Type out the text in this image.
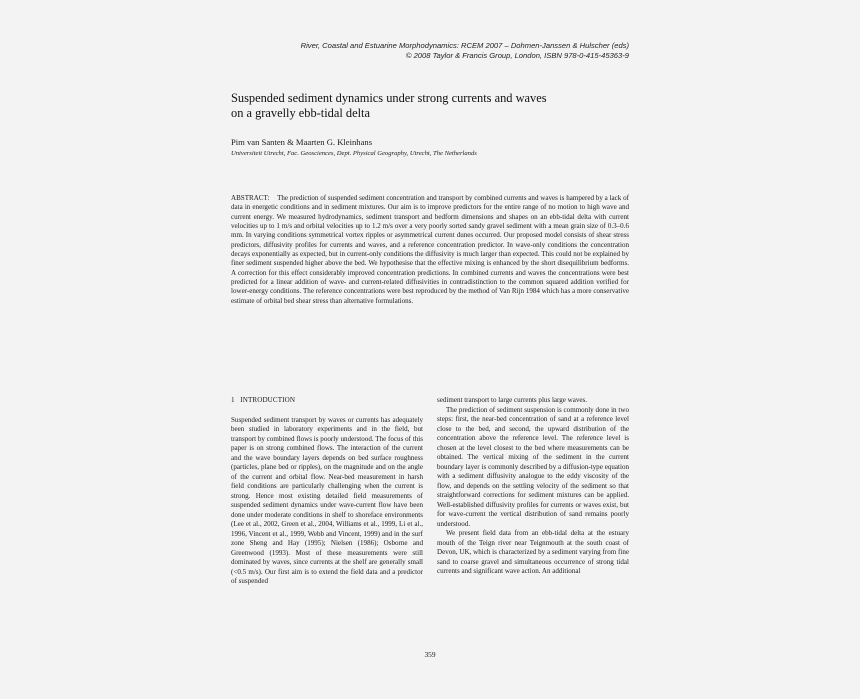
River, Coastal and Estuarine Morphodynamics: RCEM 2007 – Dohmen-Janssen & Hulscher (eds)
© 2008 Taylor & Francis Group, London, ISBN 978-0-415-45363-9
Suspended sediment dynamics under strong currents and waves
on a gravelly ebb-tidal delta
Pim van Santen & Maarten G. Kleinhans
Universiteit Utrecht, Fac. Geosciences, Dept. Physical Geography, Utrecht, The Netherlands

ABSTRACT: The prediction of suspended sediment concentration and transport by combined currents and waves is hampered by a lack of data in energetic conditions and in sediment mixtures. Our aim is to improve predictors for the entire range of no motion to high wave and current energy. We measured hydrodynamics, sediment transport and bedform dimensions and shapes on an ebb-tidal delta with current velocities up to 1 m/s and orbital velocities up to 1.2 m/s over a very poorly sorted sandy gravel sediment with a mean grain size of 0.3–0.6 mm. In varying conditions symmetrical vortex ripples or asymmetrical current dunes occurred. Our proposed model consists of shear stress predictors, diffusivity profiles for currents and waves, and a reference concentration predictor. In wave-only conditions the concentration decays exponentially as expected, but in current-only conditions the diffusivity is much larger than expected. This could not be explained by finer sediment suspended higher above the bed. We hypothesise that the effective mixing is enhanced by the short disequilibrium bedforms. A correction for this effect considerably improved concentration predictions. In combined currents and waves the concentrations were best predicted for a linear addition of wave- and current-related diffusivities in contradistinction to the common squared addition verified for lower-energy conditions. The reference concentrations were best reproduced by the method of Van Rijn 1984 which has a more conservative estimate of orbital bed shear stress than alternative formulations.

1 INTRODUCTION

Suspended sediment transport by waves or currents has adequately been studied in laboratory experiments and in the field, but transport by combined flows is poorly understood. The focus of this paper is on strong combined flows. The interaction of the current and the wave boundary layers depends on bed surface roughness (particles, plane bed or ripples), on the magnitude and on the angle of the current and orbital flow. Near-bed measurement in harsh field conditions are particularly challenging when the current is strong. Hence most existing detailed field measurements of suspended sediment dynamics under wave-current flow have been done under moderate conditions in shelf to shoreface environments (Lee et al., 2002, Green et al., 2004, Williams et al., 1999, Li et al., 1996, Vincent et al., 1999, Webb and Vincent, 1999) and in the surf zone Sheng and Hay (1995); Nielsen (1986); Osborne and Greenwood (1993). Most of these measurements were still dominated by waves, since currents at the shelf are generally small (<0.5 m/s). Our first aim is to extend the field data and a predictor of suspended

sediment transport to large currents plus large waves.

The prediction of sediment suspension is commonly done in two steps: first, the near-bed concentration of sand at a reference level close to the bed, and second, the upward distribution of the concentration above the reference level. The reference level is chosen at the level closest to the bed where measurements can be obtained. The vertical mixing of the sediment in the current boundary layer is commonly described by a diffusion-type equation with a sediment diffusivity analogue to the eddy viscosity of the flow, and depends on the settling velocity of the sediment so that straightforward corrections for sediment mixtures can be applied. Well-established diffusivity profiles for currents or waves exist, but for wave-current the vertical distribution of sand remains poorly understood.

We present field data from an ebb-tidal delta at the estuary mouth of the Teign river near Teignmouth at the south coast of Devon, UK, which is characterized by a sediment varying from fine sand to coarse gravel and simultaneous occurrence of strong tidal currents and significant wave action. An additional

359
